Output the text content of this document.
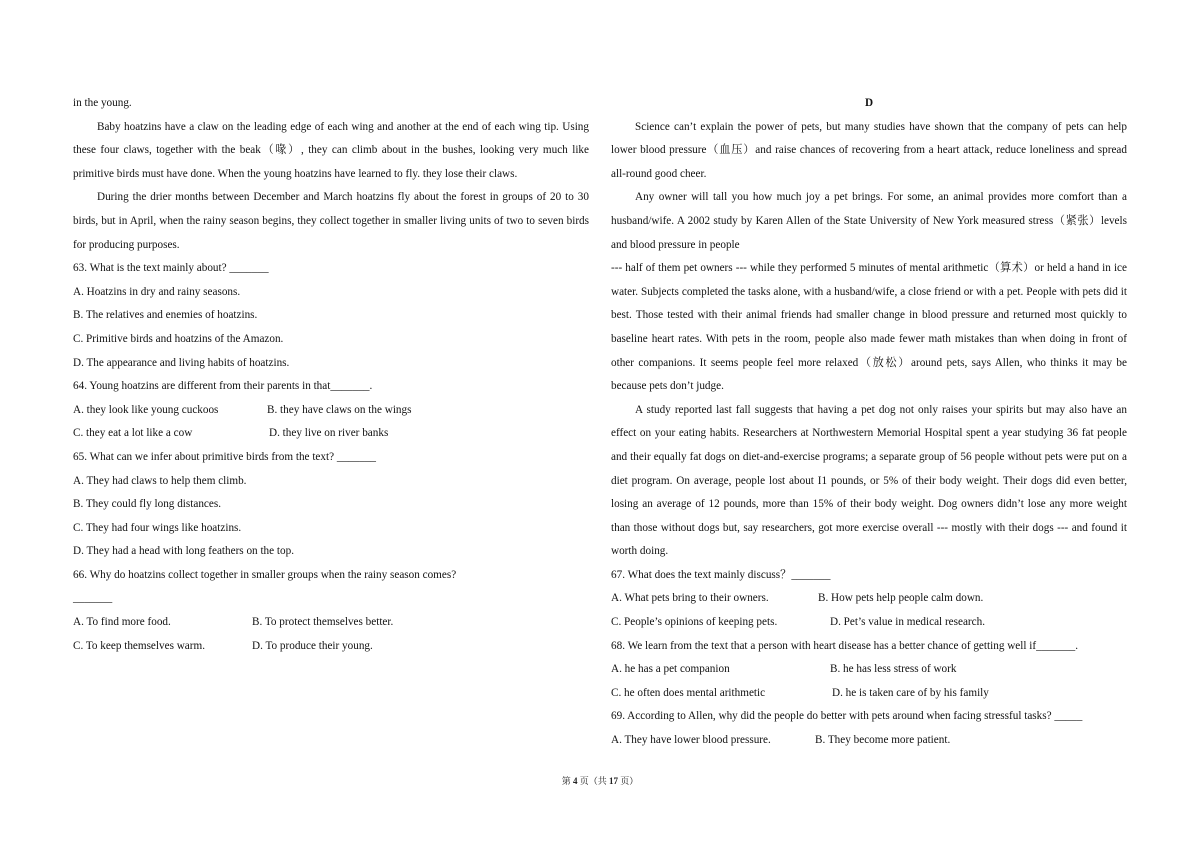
in the young.

Baby hoatzins have a claw on the leading edge of each wing and another at the end of each wing tip. Using these four claws, together with the beak（喙）, they can climb about in the bushes, looking very much like primitive birds must have done. When the young hoatzins have learned to fly. they lose their claws.

During the drier months between December and March hoatzins fly about the forest in groups of 20 to 30 birds, but in April, when the rainy season begins, they collect together in smaller living units of two to seven birds for producing purposes.

63. What is the text mainly about? _______

A. Hoatzins in dry and rainy seasons.

B. The relatives and enemies of hoatzins.

C. Primitive birds and hoatzins of the Amazon.

D. The appearance and living habits of hoatzins.

64. Young hoatzins are different from their parents in that_______.

A. they look like young cuckoos	B. they have claws on the wings
C. they eat a lot like a cow	D. they live on river banks

65. What can we infer about primitive birds from the text? _______

A. They had claws to help them climb.

B. They could fly long distances.

C. They had four wings like hoatzins.

D. They had a head with long feathers on the top.

66. Why do hoatzins collect together in smaller groups when the rainy season comes?

_______

A. To find more food.	B. To protect themselves better.
C. To keep themselves warm.	D. To produce their young.

D

Science can’t explain the power of pets, but many studies have shown that the company of pets can help lower blood pressure（血压）and raise chances of recovering from a heart attack, reduce loneliness and spread all-round good cheer.

Any owner will tall you how much joy a pet brings. For some, an animal provides more comfort than a husband/wife. A 2002 study by Karen Allen of the State University of New York measured stress（紧张）levels and blood pressure in people

--- half of them pet owners --- while they performed 5 minutes of mental arithmetic（算术）or held a hand in ice water. Subjects completed the tasks alone, with a husband/wife, a close friend or with a pet. People with pets did it best. Those tested with their animal friends had smaller change in blood pressure and returned most quickly to baseline heart rates. With pets in the room, people also made fewer math mistakes than when doing in front of other companions. It seems people feel more relaxed（放松）around pets, says Allen, who thinks it may be because pets don’t judge.

A study reported last fall suggests that having a pet dog not only raises your spirits but may also have an effect on your eating habits. Researchers at Northwestern Memorial Hospital spent a year studying 36 fat people and their equally fat dogs on diet-and-exercise programs; a separate group of 56 people without pets were put on a diet program. On average, people lost about I1 pounds, or 5% of their body weight. Their dogs did even better, losing an average of 12 pounds, more than 15% of their body weight. Dog owners didn’t lose any more weight than those without dogs but, say researchers, got more exercise overall --- mostly with their dogs --- and found it worth doing.

67. What does the text mainly discuss？_______

A. What pets bring to their owners.	B. How pets help people calm down.
C. People’s opinions of keeping pets.	D. Pet’s value in medical research.

68. We learn from the text that a person with heart disease has a better chance of getting well if_______.

A. he has a pet companion	B. he has less stress of work
C. he often does mental arithmetic	D. he is taken care of by his family

69. According to Allen, why did the people do better with pets around when facing stressful tasks? _____

A. They have lower blood pressure.	B. They become more patient.
第 4 页（共 17 页）
